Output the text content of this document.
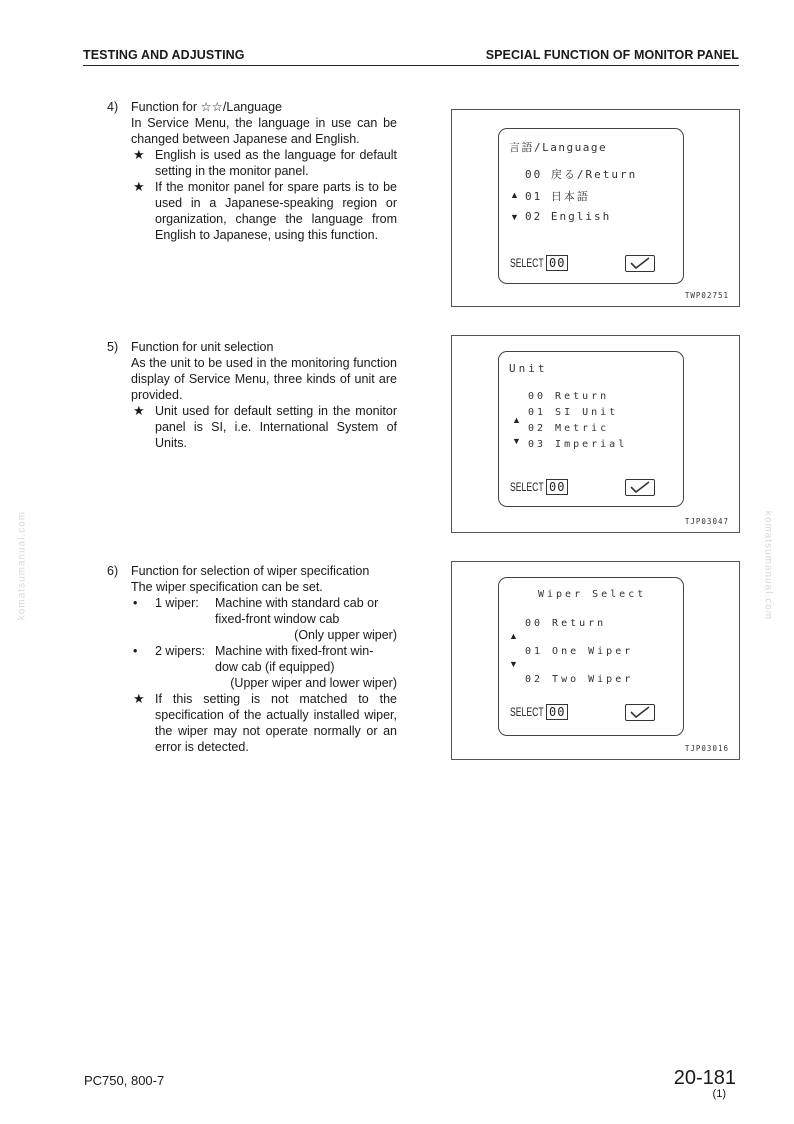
TESTING AND ADJUSTING	SPECIAL FUNCTION OF MONITOR PANEL
komatsumanual.com	komatsumanual.com
4) Function for ☆☆/Language
In Service Menu, the language in use can be changed between Japanese and English.
★ English is used as the language for default setting in the monitor panel.
★ If the monitor panel for spare parts is to be used in a Japanese-speaking region or organization, change the language from English to Japanese, using this function.
言語/Language
00 戻る/Return
▲ 01 日本語
▼ 02 English
SELECT 00
TWP02751
5) Function for unit selection
As the unit to be used in the monitoring function display of Service Menu, three kinds of unit are provided.
★ Unit used for default setting in the monitor panel is SI, i.e. International System of Units.
Unit
00 Return
▲
01 SI Unit
02 Metric
▼ 03 Imperial
SELECT 00
TJP03047
6) Function for selection of wiper specification
The wiper specification can be set.
• 1 wiper:	Machine with standard cab or
fixed-front window cab
(Only upper wiper)
• 2 wipers: Machine with fixed-front win-
dow cab (if equipped)
(Upper wiper and lower wiper)
★ If this setting is not matched to the specification of the actually installed wiper, the wiper may not operate normally or an error is detected.
Wiper Select
00 Return
▲
01 One Wiper
▼
02 Two Wiper
SELECT 00
TJP03016
PC750, 800-7	20-181
(1)
